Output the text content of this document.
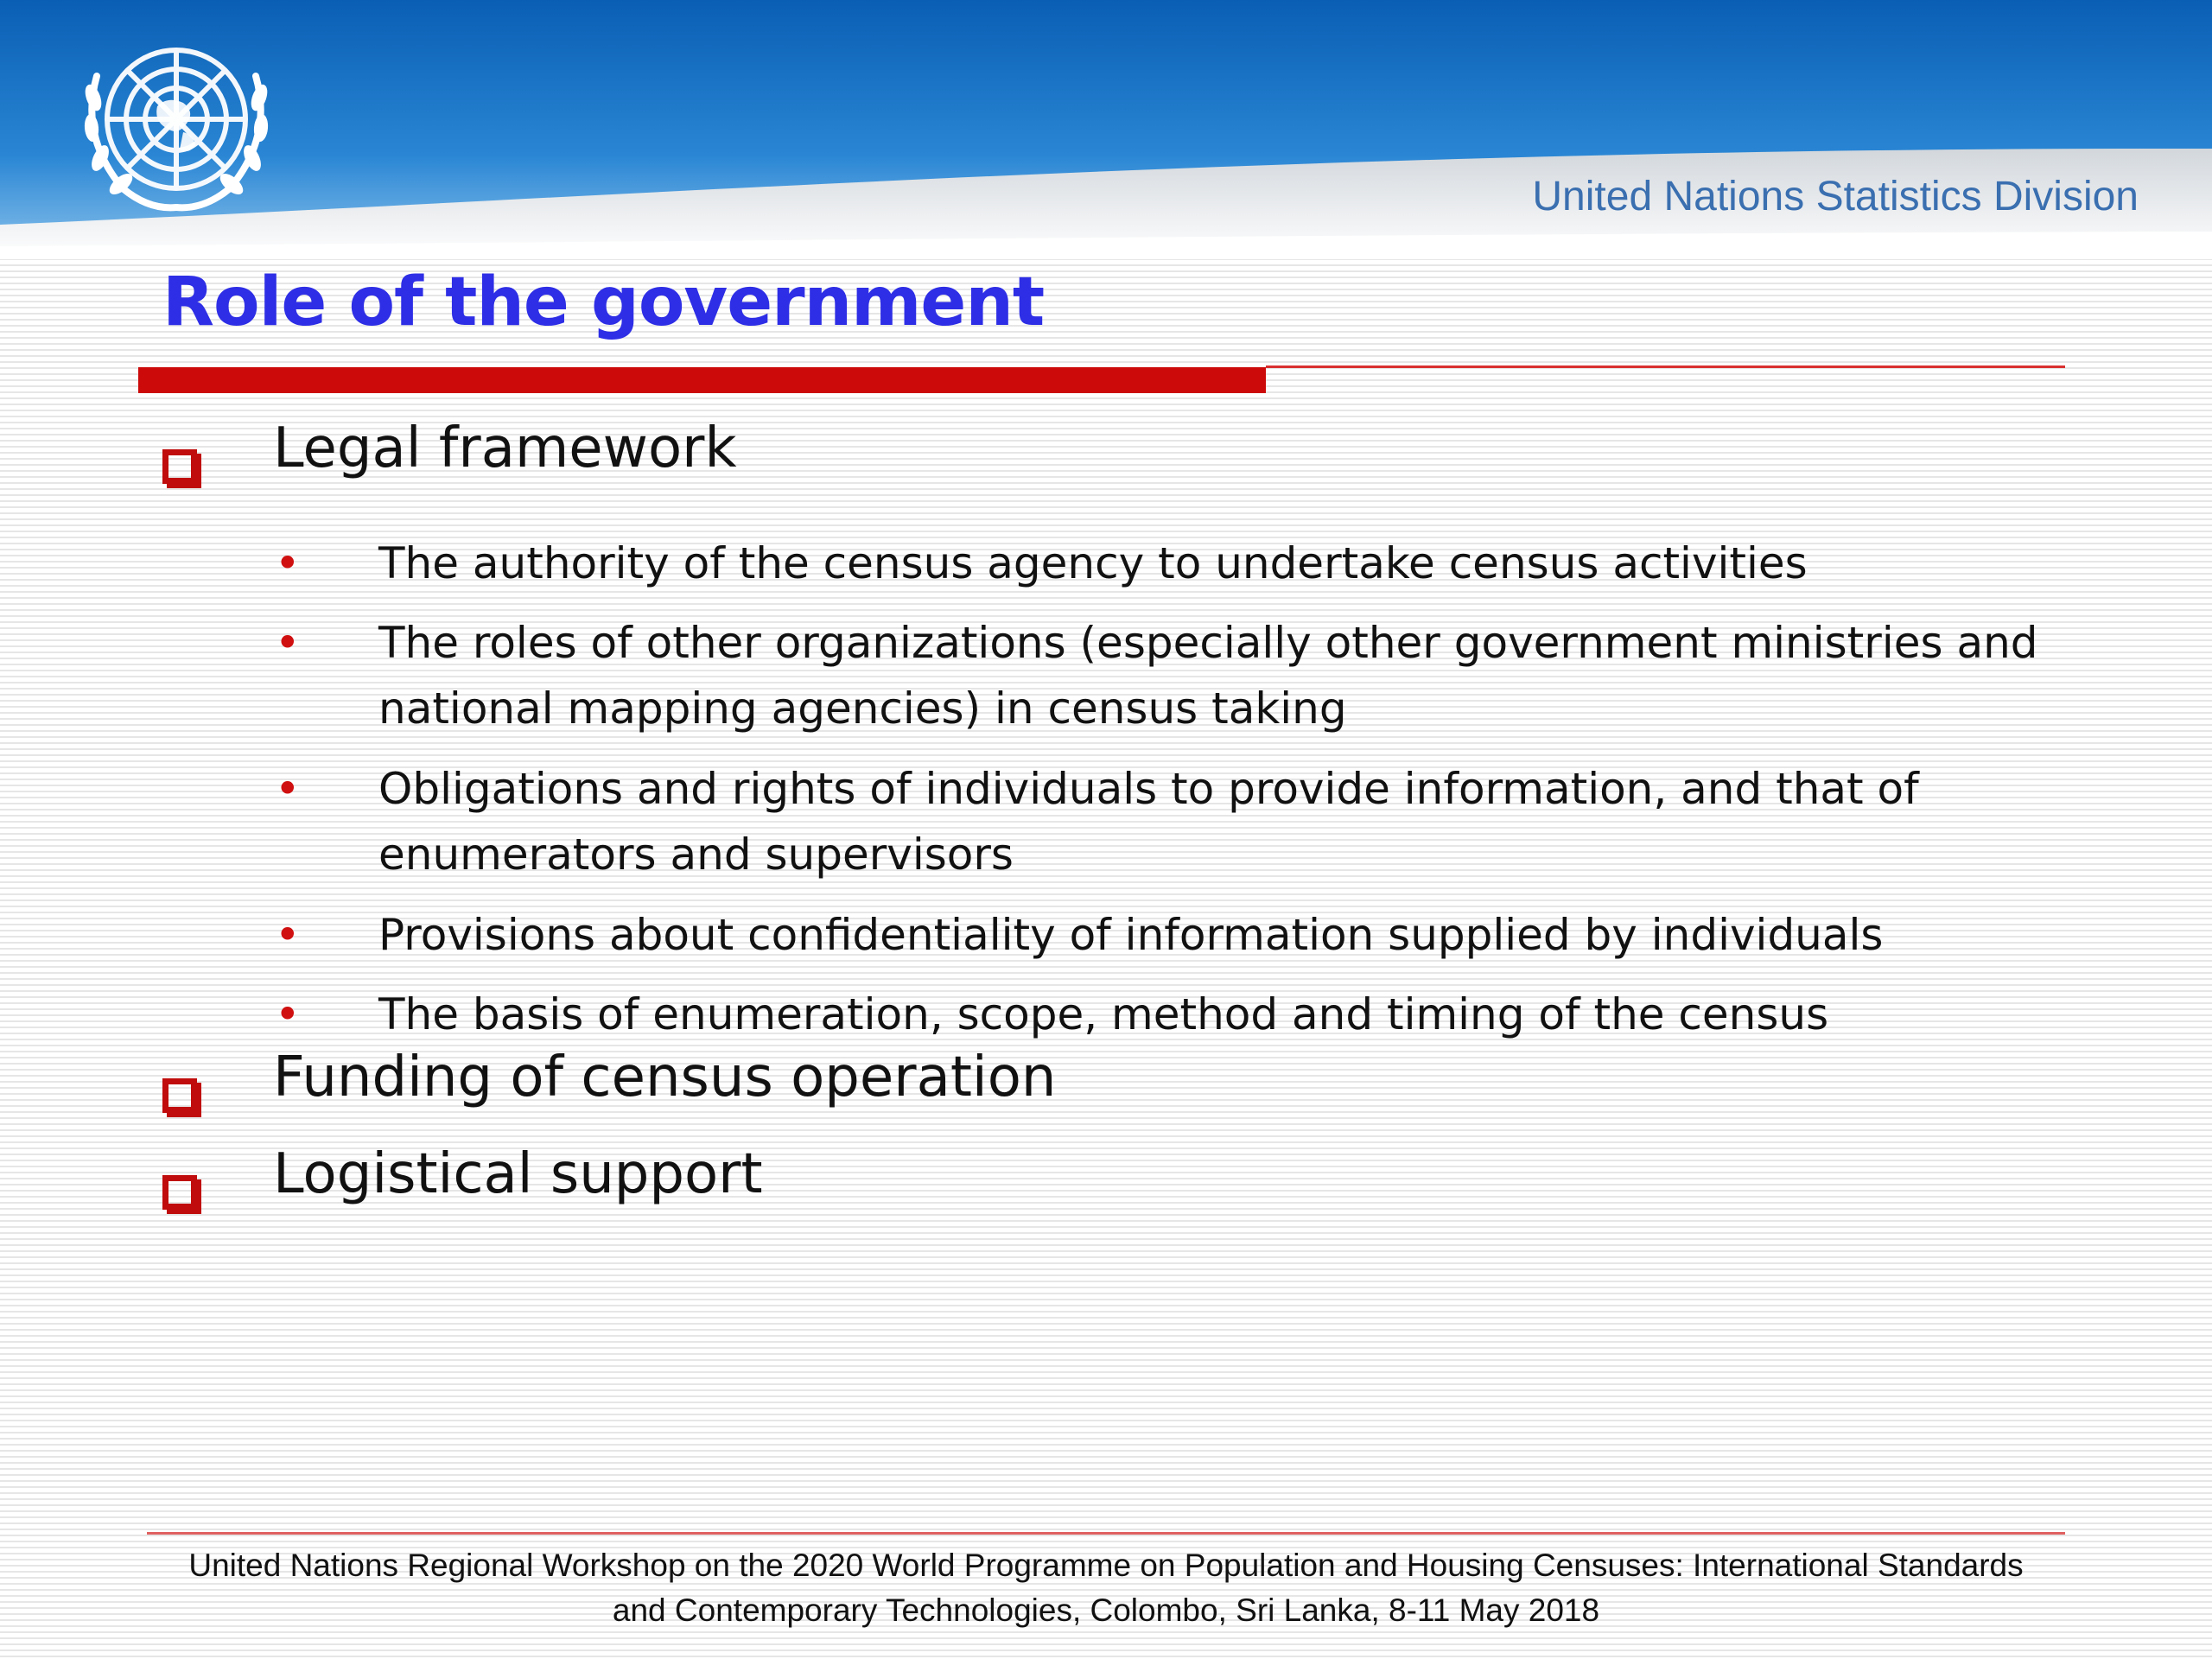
United Nations Statistics Division
Role of the government
Legal framework
• The authority of the census agency to undertake census activities
• The roles of other organizations (especially other government ministries and national mapping agencies) in census taking
• Obligations and rights of individuals to provide information, and that of enumerators and supervisors
• Provisions about confidentiality of information supplied by individuals
• The basis of enumeration, scope, method and timing of the census
Funding of census operation
Logistical support
United Nations Regional Workshop on the 2020 World Programme on Population and Housing Censuses: International Standards
and Contemporary Technologies, Colombo, Sri Lanka, 8-11 May 2018
